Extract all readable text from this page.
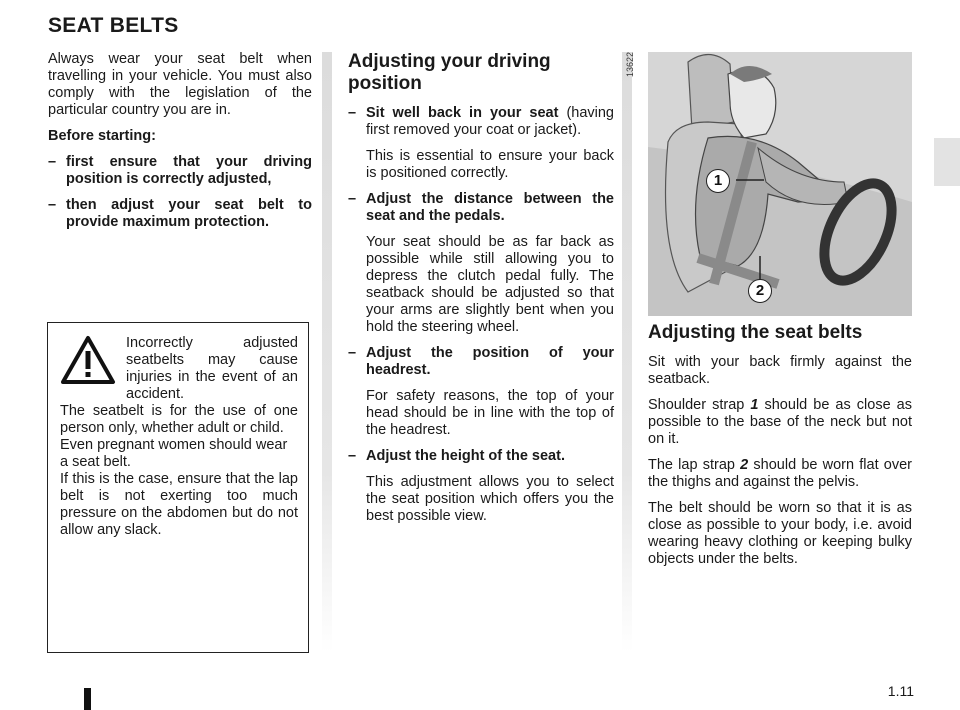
SEAT BELTS

Always wear your seat belt when travelling in your vehicle. You must also comply with the legislation of the particular country you are in.

Before starting:

– first ensure that your driving position is correctly adjusted,
– then adjust your seat belt to provide maximum protection.

Incorrectly adjusted seatbelts may cause injuries in the event of an accident.

The seatbelt is for the use of one person only, whether adult or child.

Even pregnant women should wear a seat belt.

If this is the case, ensure that the lap belt is not exerting too much pressure on the abdomen but do not allow any slack.

Adjusting your driving position
– Sit well back in your seat (having first removed your coat or jacket).

This is essential to ensure your back is positioned correctly.

– Adjust the distance between the seat and the pedals.

Your seat should be as far back as possible while still allowing you to depress the clutch pedal fully. The seatback should be adjusted so that your arms are slightly bent when you hold the steering wheel.

– Adjust the position of your headrest.

For safety reasons, the top of your head should be in line with the top of the headrest.

– Adjust the height of the seat.

This adjustment allows you to select the seat position which offers you the best possible view.

13622
1
2
Adjusting the seat belts

Sit with your back firmly against the seatback.

Shoulder strap 1 should be as close as possible to the base of the neck but not on it.

The lap strap 2 should be worn flat over the thighs and against the pelvis.

The belt should be worn so that it is as close as possible to your body, i.e. avoid wearing heavy clothing or keeping bulky objects under the belts.

1.11
